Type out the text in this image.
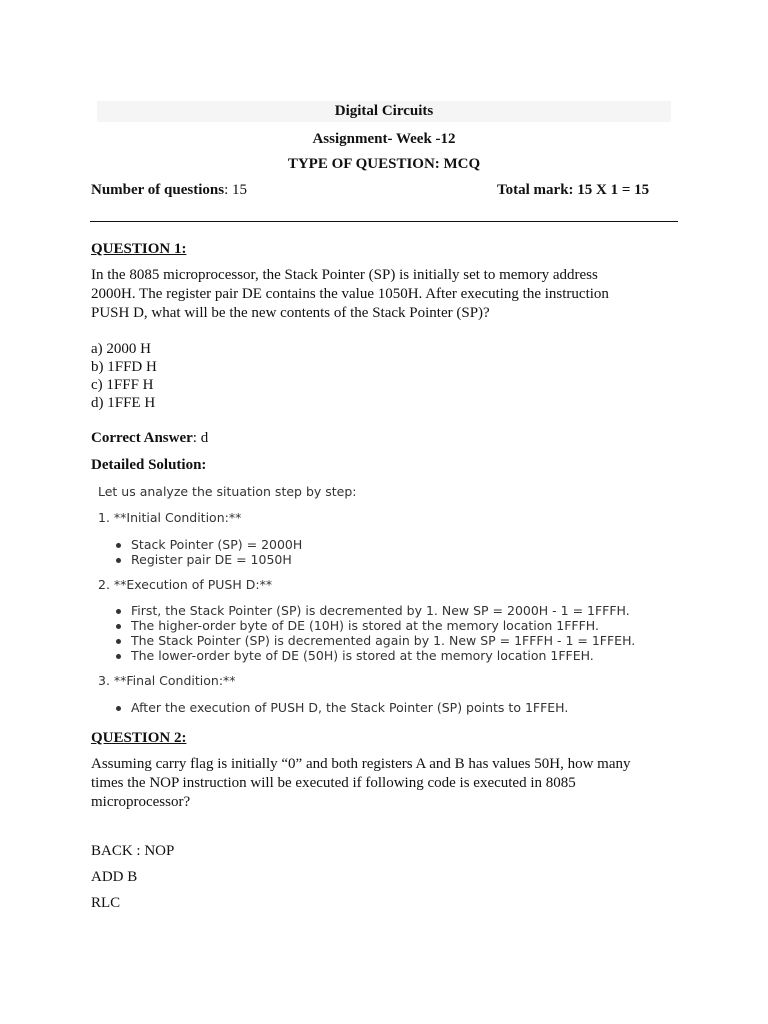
Digital Circuits
Assignment- Week -12
TYPE OF QUESTION: MCQ
Number of questions: 15	Total mark: 15 X 1 = 15
QUESTION 1:
In the 8085 microprocessor, the Stack Pointer (SP) is initially set to memory address
2000H. The register pair DE contains the value 1050H. After executing the instruction
PUSH D, what will be the new contents of the Stack Pointer (SP)?
a) 2000 H
b) 1FFD H
c) 1FFF H
d) 1FFE H
Correct Answer: d
Detailed Solution:
Let us analyze the situation step by step:
1. **Initial Condition:**
Stack Pointer (SP) = 2000H
Register pair DE = 1050H
2. **Execution of PUSH D:**
First, the Stack Pointer (SP) is decremented by 1. New SP = 2000H - 1 = 1FFFH.
The higher-order byte of DE (10H) is stored at the memory location 1FFFH.
The Stack Pointer (SP) is decremented again by 1. New SP = 1FFFH - 1 = 1FFEH.
The lower-order byte of DE (50H) is stored at the memory location 1FFEH.
3. **Final Condition:**
After the execution of PUSH D, the Stack Pointer (SP) points to 1FFEH.
QUESTION 2:
Assuming carry flag is initially “0” and both registers A and B has values 50H, how many
times the NOP instruction will be executed if following code is executed in 8085
microprocessor?
BACK : NOP
ADD B
RLC
